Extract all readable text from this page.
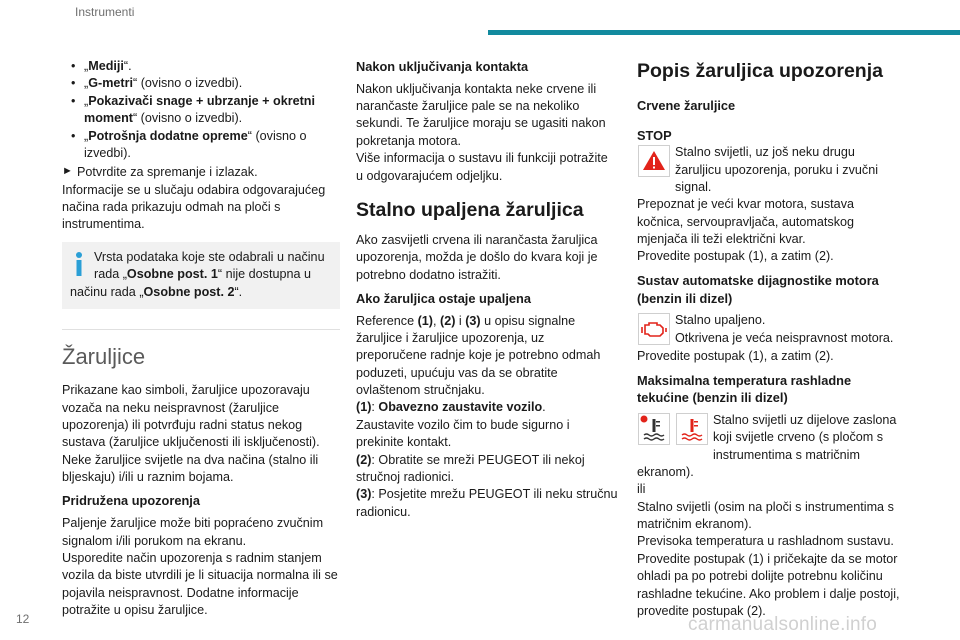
Instrumenti
• „Mediji“.
• „G-metri“ (ovisno o izvedbi).
• „Pokazivači snage + ubrzanje + okretni moment“ (ovisno o izvedbi).
• „Potrošnja dodatne opreme“ (ovisno o izvedbi).

► Potvrdite za spremanje i izlazak.

Informacije se u slučaju odabira odgovarajućeg načina rada prikazuju odmah na ploči s instrumentima.

Vrsta podataka koje ste odabrali u načinu rada „Osobne post. 1“ nije dostupna u načinu rada „Osobne post. 2“.
Žaruljice

Prikazane kao simboli, žaruljice upozoravaju vozača na neku neispravnost (žaruljice upozorenja) ili potvrđuju radni status nekog sustava (žaruljice uključenosti ili isključenosti). Neke žaruljice svijetle na dva načina (stalno ili bljeskaju) i/ili u raznim bojama.

Pridružena upozorenja

Paljenje žaruljice može biti popraćeno zvučnim signalom i/ili porukom na ekranu.
Usporedite način upozorenja s radnim stanjem vozila da biste utvrdili je li situacija normalna ili se pojavila neispravnost. Dodatne informacije potražite u opisu žaruljice.

Nakon uključivanja kontakta

Nakon uključivanja kontakta neke crvene ili narančaste žaruljice pale se na nekoliko sekundi. Te žaruljice moraju se ugasiti nakon pokretanja motora.
Više informacija o sustavu ili funkciji potražite u odgovarajućem odjeljku.

Stalno upaljena žaruljica

Ako zasvijetli crvena ili narančasta žaruljica upozorenja, možda je došlo do kvara koji je potrebno dodatno istražiti.

Ako žaruljica ostaje upaljena

Reference (1), (2) i (3) u opisu signalne žaruljice i žaruljice upozorenja, uz preporučene radnje koje je potrebno odmah poduzeti, upućuju vas da se obratite ovlaštenom stručnjaku.

(1): Obavezno zaustavite vozilo.

Zaustavite vozilo čim to bude sigurno i prekinite kontakt.

(2): Obratite se mreži PEUGEOT ili nekoj stručnoj radionici.

(3): Posjetite mrežu PEUGEOT ili neku stručnu radionicu.

Popis žaruljica upozorenja
Crvene žaruljice
STOP

Stalno svijetli, uz još neku drugu žaruljicu upozorenja, poruku i zvučni signal.

Prepoznat je veći kvar motora, sustava kočnica, servoupravljača, automatskog mjenjača ili teži električni kvar.
Provedite postupak (1), a zatim (2).

Sustav automatske dijagnostike motora (benzin ili dizel)

Stalno upaljeno.
Otkrivena je veća neispravnost motora.

Provedite postupak (1), a zatim (2).

Maksimalna temperatura rashladne tekućine (benzin ili dizel)

Stalno svijetli uz dijelove zaslona koji svijetle crveno (s pločom s instrumentima s matričnim ekranom).

ili
Stalno svijetli (osim na ploči s instrumentima s matričnim ekranom).
Previsoka temperatura u rashladnom sustavu.
Provedite postupak (1) i pričekajte da se motor ohladi pa po potrebi dolijte potrebnu količinu rashladne tekućine. Ako problem i dalje postoji, provedite postupak (2).

12	carmanualsonline.info
